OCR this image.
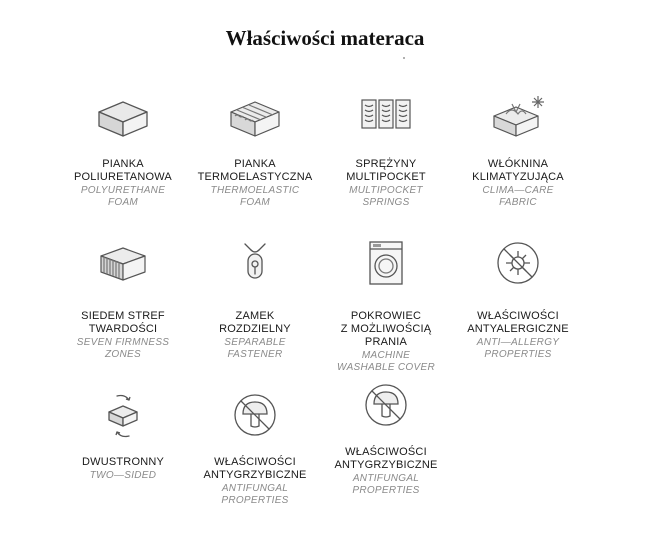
Właściwości materaca
PIANKA
POLIURETANOWA
POLYURETHANE
FOAM
PIANKA
TERMOELASTYCZNA
THERMOELASTIC
FOAM
SPRĘŻYNY
MULTIPOCKET
MULTIPOCKET
SPRINGS
WŁÓKNINA
KLIMATYZUJĄCA
CLIMA—CARE
FABRIC
SIEDEM STREF
TWARDOŚCI
SEVEN FIRMNESS
ZONES
ZAMEK
ROZDZIELNY
SEPARABLE
FASTENER
POKROWIEC
Z MOŻLIWOŚCIĄ
PRANIA
MACHINE
WASHABLE COVER
WŁAŚCIWOŚCI
ANTYALERGICZNE
ANTI—ALLERGY
PROPERTIES
DWUSTRONNY
TWO—SIDED
WŁAŚCIWOŚCI
ANTYGRZYBICZNE
ANTIFUNGAL
PROPERTIES
WŁAŚCIWOŚCI
ANTYGRZYBICZNE
ANTIFUNGAL
PROPERTIES
